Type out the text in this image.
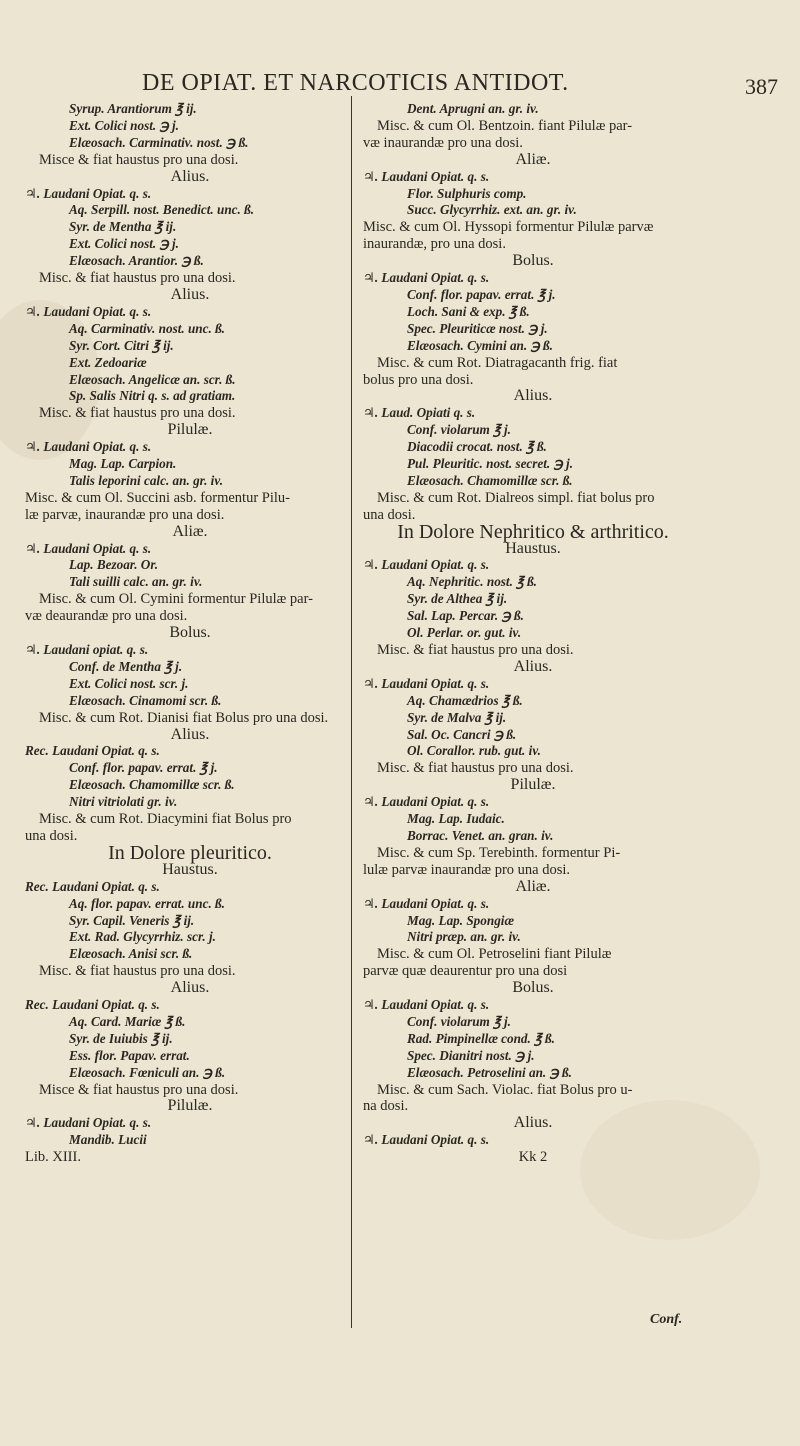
DE OPIAT. ET NARCOTICIS ANTIDOT.	387
Syrup. Arantiorum ℥ ij.
Ext. Colici nost. ℈ j.
Elæosach. Carminativ. nost. ℈ ß.
Misce & fiat haustus pro una dosi.
Alius.
♃. Laudani Opiat. q. s.
Aq. Serpill. nost. Benedict. unc. ß.
Syr. de Mentha ℥ ij.
Ext. Colici nost. ℈ j.
Elæosach. Arantior. ℈ ß.
Misc. & fiat haustus pro una dosi.
Alius.
♃. Laudani Opiat. q. s.
Aq. Carminativ. nost. unc. ß.
Syr. Cort. Citri ℥ ij.
Ext. Zedoariæ
Elæosach. Angelicæ an. scr. ß.
Sp. Salis Nitri q. s. ad gratiam.
Misc. & fiat haustus pro una dosi.
Pilulæ.
♃. Laudani Opiat. q. s.
Mag. Lap. Carpion.
Talis leporini calc. an. gr. iv.
Misc. & cum Ol. Succini asb. formentur Pilu-
læ parvæ, inaurandæ pro una dosi.
Aliæ.
♃. Laudani Opiat. q. s.
Lap. Bezoar. Or.
Tali suilli calc. an. gr. iv.
Misc. & cum Ol. Cymini formentur Pilulæ par-
væ deaurandæ pro una dosi.
Bolus.
♃. Laudani opiat. q. s.
Conf. de Mentha ℥ j.
Ext. Colici nost. scr. j.
Elæosach. Cinamomi scr. ß.
Misc. & cum Rot. Dianisi fiat Bolus pro una dosi.
Alius.
Rec. Laudani Opiat. q. s.
Conf. flor. papav. errat. ℥ j.
Elæosach. Chamomillæ scr. ß.
Nitri vitriolati gr. iv.
Misc. & cum Rot. Diacymini fiat Bolus pro
una dosi.
In Dolore pleuritico.
Haustus.
Rec. Laudani Opiat. q. s.
Aq. flor. papav. errat. unc. ß.
Syr. Capil. Veneris ℥ ij.
Ext. Rad. Glycyrrhiz. scr. j.
Elæosach. Anisi scr. ß.
Misc. & fiat haustus pro una dosi.
Alius.
Rec. Laudani Opiat. q. s.
Aq. Card. Mariæ ℥ ß.
Syr. de Iuiubis ℥ ij.
Ess. flor. Papav. errat.
Elæosach. Fœniculi an. ℈ ß.
Misce & fiat haustus pro una dosi.
Pilulæ.
♃. Laudani Opiat. q. s.
Mandib. Lucii
Lib. XIII.
Dent. Aprugni an. gr. iv.
Misc. & cum Ol. Bentzoin. fiant Pilulæ par-
væ inaurandæ pro una dosi.
Aliæ.
♃. Laudani Opiat. q. s.
Flor. Sulphuris comp.
Succ. Glycyrrhiz. ext. an. gr. iv.
Misc. & cum Ol. Hyssopi formentur Pilulæ parvæ
inaurandæ, pro una dosi.
Bolus.
♃. Laudani Opiat. q. s.
Conf. flor. papav. errat. ℥ j.
Loch. Sani & exp. ℥ ß.
Spec. Pleuriticæ nost. ℈ j.
Elæosach. Cymini an. ℈ ß.
Misc. & cum Rot. Diatragacanth frig. fiat
bolus pro una dosi.
Alius.
♃. Laud. Opiati q. s.
Conf. violarum ℥ j.
Diacodii crocat. nost. ℥ ß.
Pul. Pleuritic. nost. secret. ℈ j.
Elæosach. Chamomillæ scr. ß.
Misc. & cum Rot. Dialreos simpl. fiat bolus pro
una dosi.
In Dolore Nephritico & arthritico.
Haustus.
♃. Laudani Opiat. q. s.
Aq. Nephritic. nost. ℥ ß.
Syr. de Althea ℥ ij.
Sal. Lap. Percar. ℈ ß.
Ol. Perlar. or. gut. iv.
Misc. & fiat haustus pro una dosi.
Alius.
♃. Laudani Opiat. q. s.
Aq. Chamædrios ℥ ß.
Syr. de Malva ℥ ij.
Sal. Oc. Cancri ℈ ß.
Ol. Corallor. rub. gut. iv.
Misc. & fiat haustus pro una dosi.
Pilulæ.
♃. Laudani Opiat. q. s.
Mag. Lap. Iudaic.
Borrac. Venet. an. gran. iv.
Misc. & cum Sp. Terebinth. formentur Pi-
lulæ parvæ inaurandæ pro una dosi.
Aliæ.
♃. Laudani Opiat. q. s.
Mag. Lap. Spongiæ
Nitri præp. an. gr. iv.
Misc. & cum Ol. Petroselini fiant Pilulæ
parvæ quæ deaurentur pro una dosi
Bolus.
♃. Laudani Opiat. q. s.
Conf. violarum ℥ j.
Rad. Pimpinellæ cond. ℥ ß.
Spec. Dianitri nost. ℈ j.
Elæosach. Petroselini an. ℈ ß.
Misc. & cum Sach. Violac. fiat Bolus pro u-
na dosi.
Alius.
♃. Laudani Opiat. q. s.
Kk 2
Conf.
